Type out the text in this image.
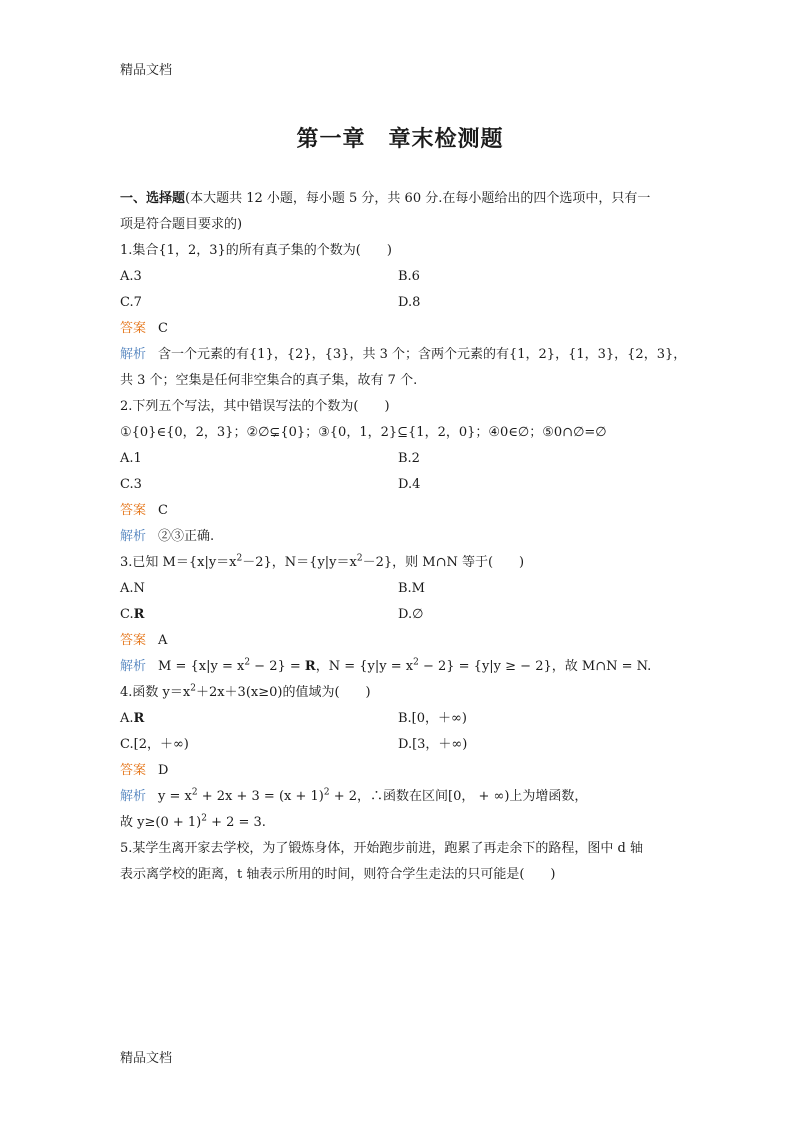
精品文档
第一章　章末检测题
一、选择题(本大题共 12 小题，每小题 5 分，共 60 分.在每小题给出的四个选项中，只有一
项是符合题目要求的)
1.集合{1，2，3}的所有真子集的个数为(　　)
A.3	B.6
C.7	D.8
答案 C
解析 含一个元素的有{1}，{2}，{3}，共 3 个；含两个元素的有{1，2}，{1，3}，{2，3}，
共 3 个；空集是任何非空集合的真子集，故有 7 个.
2.下列五个写法，其中错误写法的个数为(　　)
①{0}∈{0，2，3}；②∅⊊{0}；③{0，1，2}⊆{1，2，0}；④0∈∅；⑤0∩∅=∅
A.1	B.2
C.3	D.4
答案 C
解析 ②③正确.
3.已知 $M=\{x|y=x^2-2\}$，$N=\{y|y=x^2-2\}$，则 M∩N 等于(　　)
A.N	B.M
C.R	D.∅
答案 A
解析 $M = \{x|y = x^2 - 2\} = R$，$N = \{y|y = x^2 - 2\} = \{y|y$ ≥ − 2}，故 M∩N = N.
4.函数 $y=x^2+2x+3(x\ge 0)$的值域为(　　)
A.R	B.[0，＋∞)
C.[2，＋∞)	D.[3，＋∞)
答案 D
解析 $y = x^2 + 2x + 3 = (x + 1)^2 + 2$，∴函数在区间[0， + ∞)上为增函数，
故 $y\ge(0 + 1)^2 + 2 = 3$.
5.某学生离开家去学校，为了锻炼身体，开始跑步前进，跑累了再走余下的路程，图中 d 轴
表示离学校的距离，t 轴表示所用的时间，则符合学生走法的只可能是(　　)
精品文档
